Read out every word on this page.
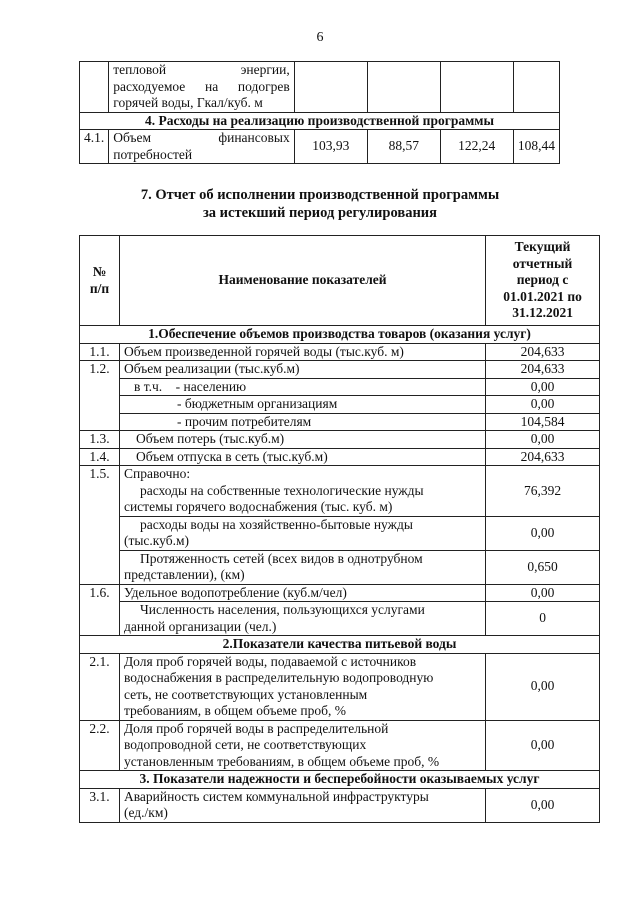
6

	тепловой энергии,
расходуемое на подогрев
горячей воды, Гкал/куб. м				

4. Расходы на реализацию производственной программы					
4.1.	Объем финансовых
потребностей	103,93	88,57	122,24	108,44
7. Отчет об исполнении производственной программы
за истекший период регулирования
№ п/п	Наименование показателей	Текущий отчетный период с 01.01.2021 по 31.12.2021
1.Обеспечение объемов производства товаров (оказания услуг)		
1.1.	Объем произведенной горячей воды (тыс.куб. м)	204,633
1.2.	Объем реализации (тыс.куб.м)	204,633
	в т.ч.    - населению	0,00
	- бюджетным организациям	0,00
	- прочим потребителям	104,584
1.3.	Объем потерь (тыс.куб.м)	0,00
1.4.	Объем отпуска в сеть (тыс.куб.м)	204,633
1.5.	Справочно:
расходы на собственные технологические нужды
системы горячего водоснабжения (тыс. куб. м)	76,392

	расходы воды на хозяйственно-бытовые нужды
(тыс.куб.м)	0,00

	Протяженность сетей (всех видов в однотрубном
представлении), (км)	0,650
1.6.	Удельное водопотребление (куб.м/чел)	0,00

	Численность населения, пользующихся услугами
данной организации (чел.)	0
2.Показатели качества питьевой воды		
2.1.	Доля проб горячей воды, подаваемой с источников
водоснабжения в распределительную водопроводную
сеть, не соответствующих установленным
требованиям, в общем объеме проб, %	0,00
2.2.	Доля проб горячей воды в распределительной
водопроводной сети, не соответствующих
установленным требованиям, в общем объеме проб, %	0,00
3. Показатели надежности и бесперебойности оказываемых услуг		
3.1.	Аварийность систем коммунальной инфраструктуры
(ед./км)	0,00
